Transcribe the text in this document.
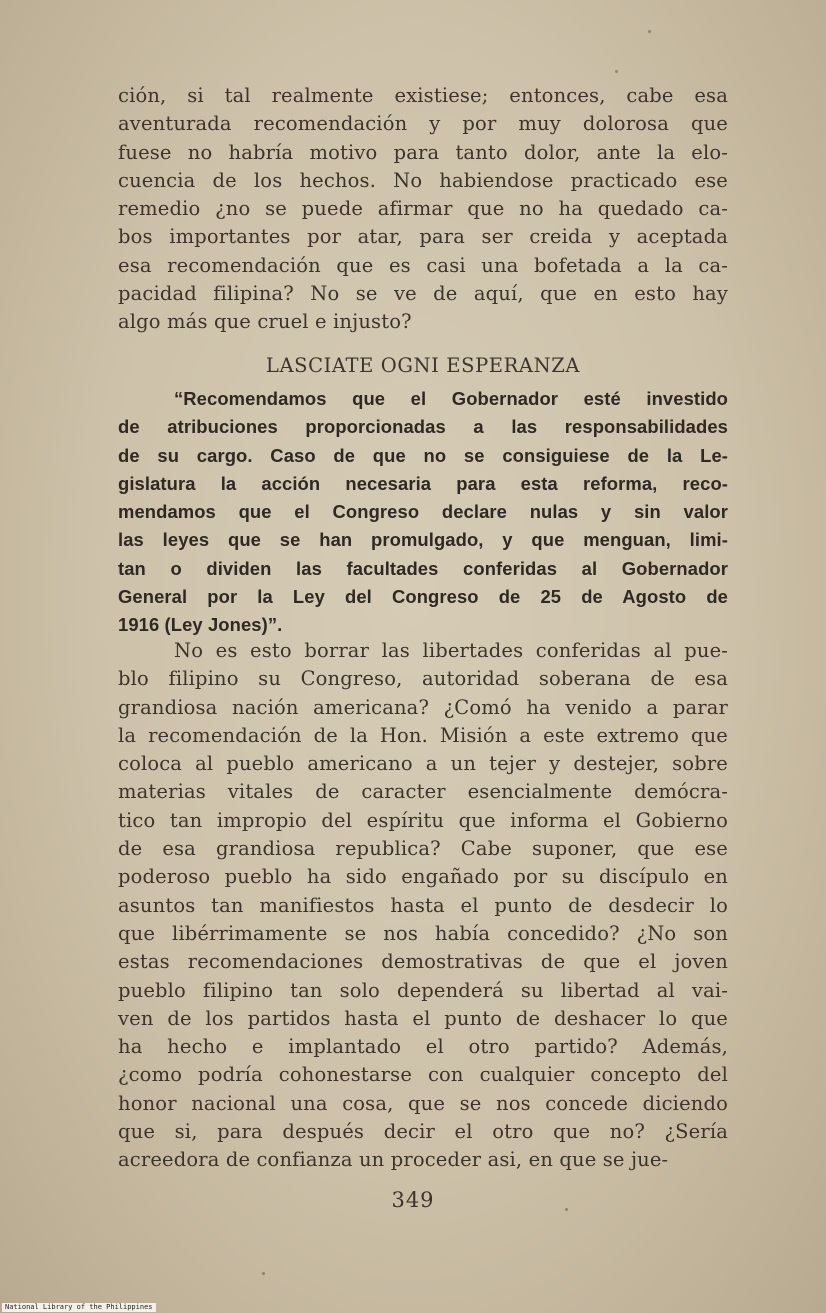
ción, si tal realmente existiese; entonces, cabe esa
aventurada recomendación y por muy dolorosa que
fuese no habría motivo para tanto dolor, ante la elo-
cuencia de los hechos. No habiendose practicado ese
remedio ¿no se puede afirmar que no ha quedado ca-
bos importantes por atar, para ser creida y aceptada
esa recomendación que es casi una bofetada a la ca-
pacidad filipina? No se ve de aquí, que en esto hay
algo más que cruel e injusto?
LASCIATE OGNI ESPERANZA
“Recomendamos que el Gobernador esté investido
de atribuciones proporcionadas a las responsabilidades
de su cargo. Caso de que no se consiguiese de la Le-
gislatura la acción necesaria para esta reforma, reco-
mendamos que el Congreso declare nulas y sin valor
las leyes que se han promulgado, y que menguan, limi-
tan o dividen las facultades conferidas al Gobernador
General por la Ley del Congreso de 25 de Agosto de
1916 (Ley Jones)”.
No es esto borrar las libertades conferidas al pue-
blo filipino su Congreso, autoridad soberana de esa
grandiosa nación americana? ¿Comó ha venido a parar
la recomendación de la Hon. Misión a este extremo que
coloca al pueblo americano a un tejer y destejer, sobre
materias vitales de caracter esencialmente demócra-
tico tan impropio del espíritu que informa el Gobierno
de esa grandiosa republica? Cabe suponer, que ese
poderoso pueblo ha sido engañado por su discípulo en
asuntos tan manifiestos hasta el punto de desdecir lo
que libérrimamente se nos había concedido? ¿No son
estas recomendaciones demostrativas de que el joven
pueblo filipino tan solo dependerá su libertad al vai-
ven de los partidos hasta el punto de deshacer lo que
ha hecho e implantado el otro partido? Además,
¿como podría cohonestarse con cualquier concepto del
honor nacional una cosa, que se nos concede diciendo
que si, para después decir el otro que no? ¿Sería
acreedora de confianza un proceder asi, en que se jue-
349
National Library of the Philippines
